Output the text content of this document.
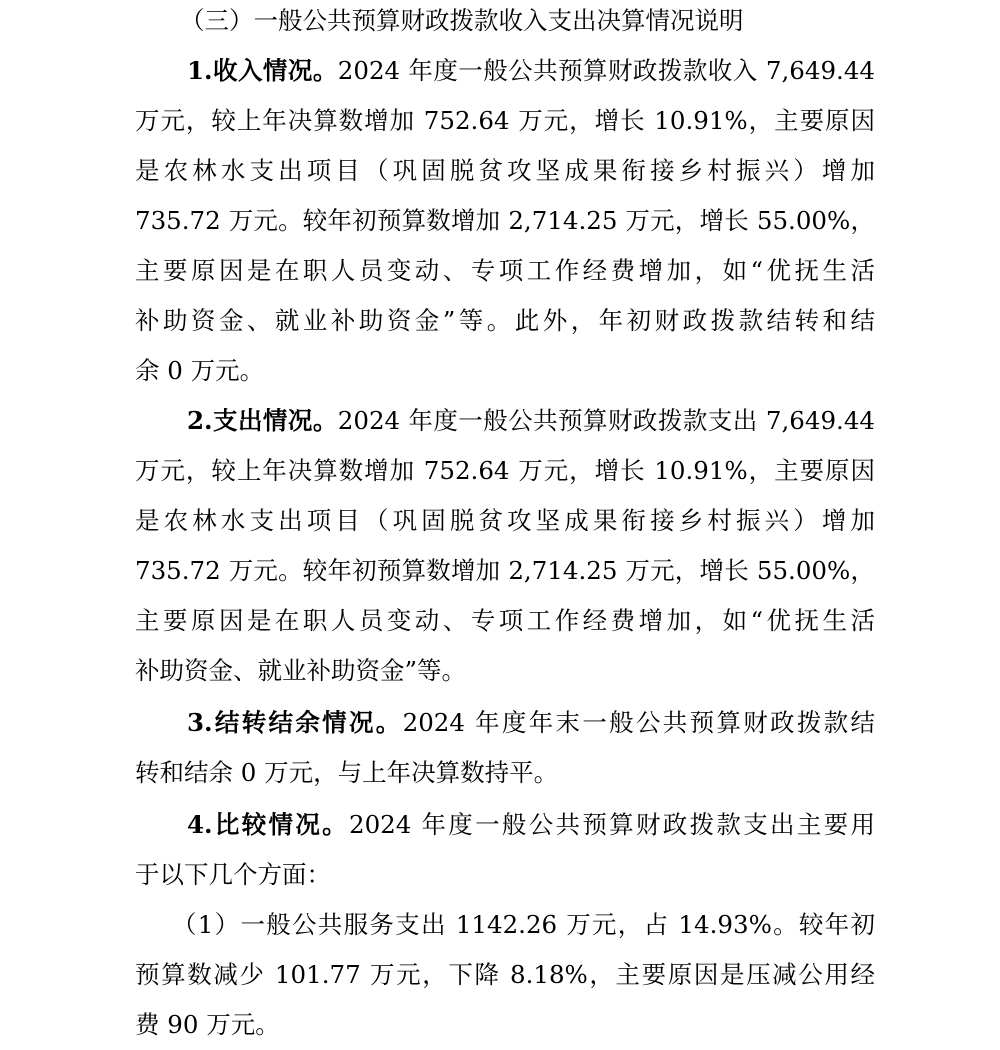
（三）一般公共预算财政拨款收入支出决算情况说明
1.收入情况。2024 年度一般公共预算财政拨款收入 7,649.44
万元，较上年决算数增加 752.64 万元，增长 10.91%，主要原因
是农林水支出项目（巩固脱贫攻坚成果衔接乡村振兴）增加
735.72 万元。较年初预算数增加 2,714.25 万元，增长 55.00%，
主要原因是在职人员变动、专项工作经费增加，如“优抚生活
补助资金、就业补助资金”等。此外，年初财政拨款结转和结
余 0 万元。
2.支出情况。2024 年度一般公共预算财政拨款支出 7,649.44
万元，较上年决算数增加 752.64 万元，增长 10.91%，主要原因
是农林水支出项目（巩固脱贫攻坚成果衔接乡村振兴）增加
735.72 万元。较年初预算数增加 2,714.25 万元，增长 55.00%，
主要原因是在职人员变动、专项工作经费增加，如“优抚生活
补助资金、就业补助资金”等。
3.结转结余情况。2024 年度年末一般公共预算财政拨款结
转和结余 0 万元，与上年决算数持平。
4.比较情况。2024 年度一般公共预算财政拨款支出主要用
于以下几个方面：
（1）一般公共服务支出 1142.26 万元，占 14.93%。较年初
预算数减少 101.77 万元，下降 8.18%，主要原因是压减公用经
费 90 万元。
